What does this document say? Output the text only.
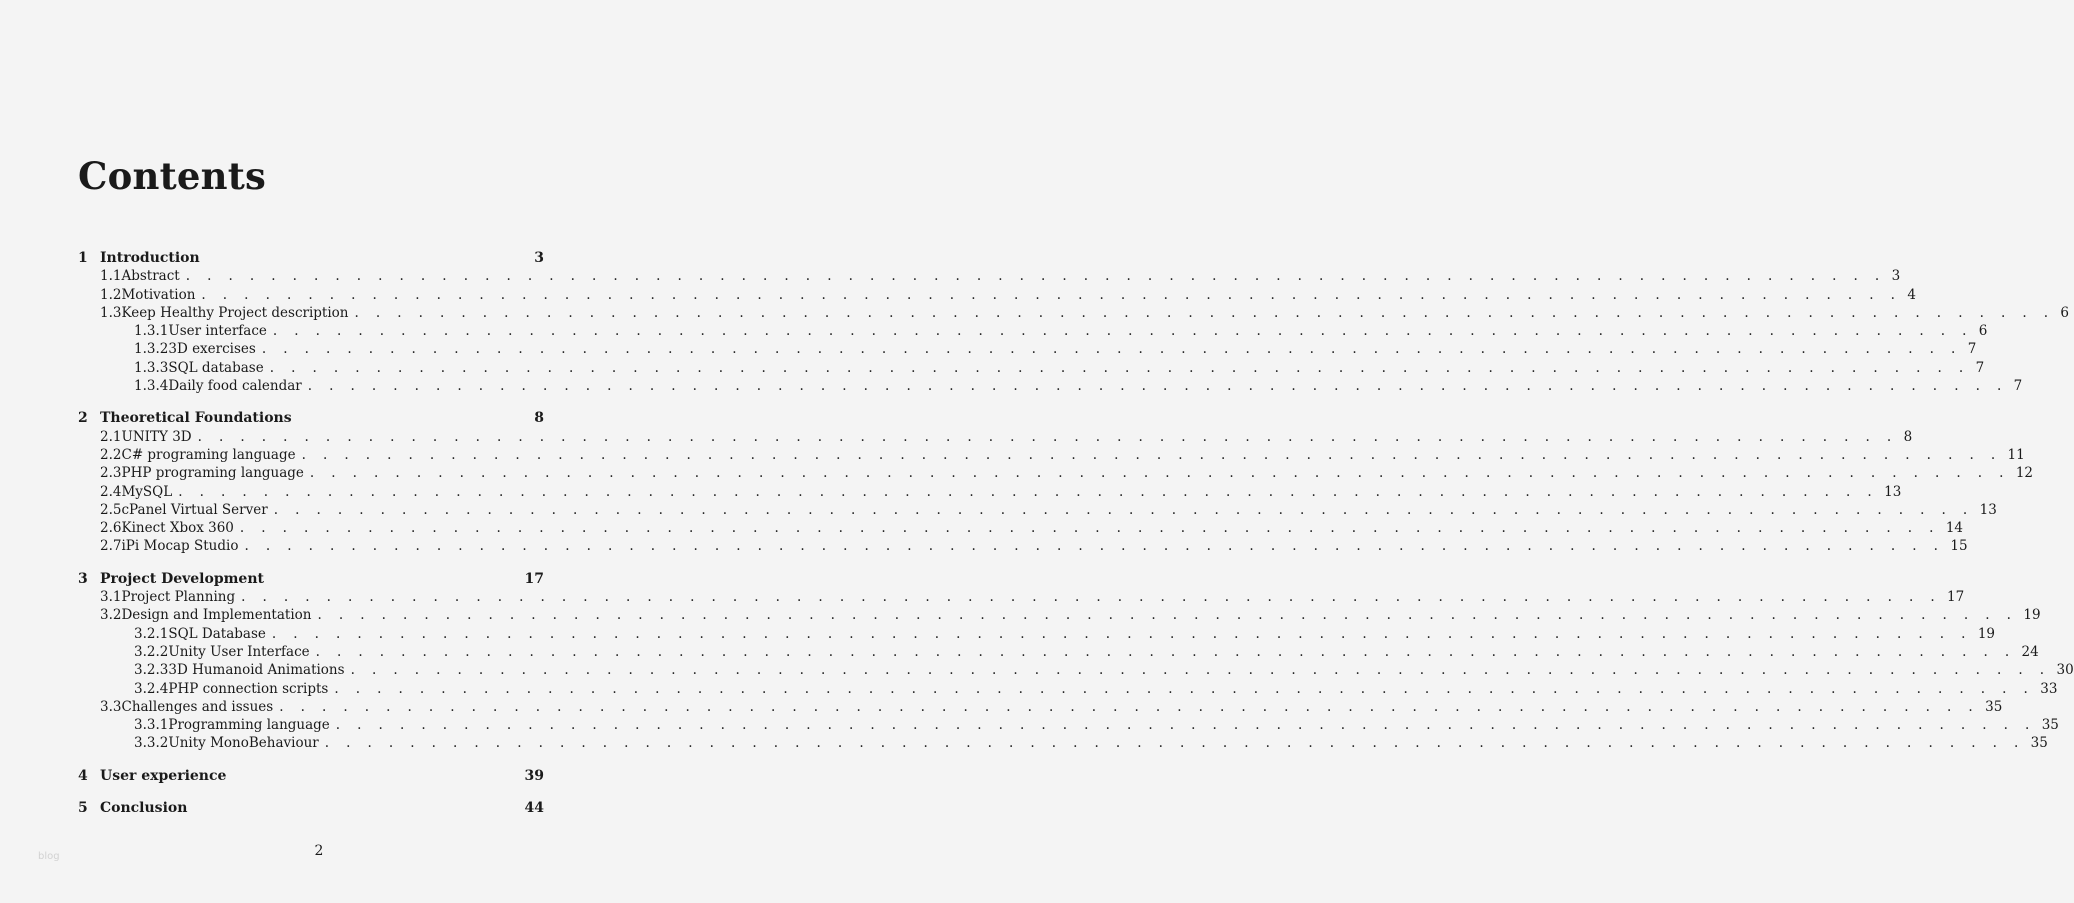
Contents
1 Introduction	3
1.1 Abstract . . . . . . . . . . . . . . . . . . . . . . . . . . . . . . . . . . . . . . . . . . . . . . . . . . . . . . . . . . . . . . . . . . . . . . . . . . . . . . . . 3
1.2 Motivation . . . . . . . . . . . . . . . . . . . . . . . . . . . . . . . . . . . . . . . . . . . . . . . . . . . . . . . . . . . . . . . . . . . . . . . . . . . . . . . . 4
1.3 Keep Healthy Project description . . . . . . . . . . . . . . . . . . . . . . . . . . . . . . . . . . . . . . . . . . . . . . . . . . . . . . . . . . . . . . . . . . . . . . . . . . . . . . . . 6
1.3.1 User interface . . . . . . . . . . . . . . . . . . . . . . . . . . . . . . . . . . . . . . . . . . . . . . . . . . . . . . . . . . . . . . . . . . . . . . . . . . . . . . . . 6
1.3.2 3D exercises . . . . . . . . . . . . . . . . . . . . . . . . . . . . . . . . . . . . . . . . . . . . . . . . . . . . . . . . . . . . . . . . . . . . . . . . . . . . . . . . 7
1.3.3 SQL database . . . . . . . . . . . . . . . . . . . . . . . . . . . . . . . . . . . . . . . . . . . . . . . . . . . . . . . . . . . . . . . . . . . . . . . . . . . . . . . . 7
1.3.4 Daily food calendar . . . . . . . . . . . . . . . . . . . . . . . . . . . . . . . . . . . . . . . . . . . . . . . . . . . . . . . . . . . . . . . . . . . . . . . . . . . . . . . . 7
2 Theoretical Foundations	8
2.1 UNITY 3D . . . . . . . . . . . . . . . . . . . . . . . . . . . . . . . . . . . . . . . . . . . . . . . . . . . . . . . . . . . . . . . . . . . . . . . . . . . . . . . . 8
2.2 C# programing language . . . . . . . . . . . . . . . . . . . . . . . . . . . . . . . . . . . . . . . . . . . . . . . . . . . . . . . . . . . . . . . . . . . . . . . . . . . . . . . . 11
2.3 PHP programing language . . . . . . . . . . . . . . . . . . . . . . . . . . . . . . . . . . . . . . . . . . . . . . . . . . . . . . . . . . . . . . . . . . . . . . . . . . . . . . . . 12
2.4 MySQL . . . . . . . . . . . . . . . . . . . . . . . . . . . . . . . . . . . . . . . . . . . . . . . . . . . . . . . . . . . . . . . . . . . . . . . . . . . . . . . . 13
2.5 cPanel Virtual Server . . . . . . . . . . . . . . . . . . . . . . . . . . . . . . . . . . . . . . . . . . . . . . . . . . . . . . . . . . . . . . . . . . . . . . . . . . . . . . . . 13
2.6 Kinect Xbox 360 . . . . . . . . . . . . . . . . . . . . . . . . . . . . . . . . . . . . . . . . . . . . . . . . . . . . . . . . . . . . . . . . . . . . . . . . . . . . . . . . 14
2.7 iPi Mocap Studio . . . . . . . . . . . . . . . . . . . . . . . . . . . . . . . . . . . . . . . . . . . . . . . . . . . . . . . . . . . . . . . . . . . . . . . . . . . . . . . . 15
3 Project Development	17
3.1 Project Planning . . . . . . . . . . . . . . . . . . . . . . . . . . . . . . . . . . . . . . . . . . . . . . . . . . . . . . . . . . . . . . . . . . . . . . . . . . . . . . . . 17
3.2 Design and Implementation . . . . . . . . . . . . . . . . . . . . . . . . . . . . . . . . . . . . . . . . . . . . . . . . . . . . . . . . . . . . . . . . . . . . . . . . . . . . . . . . 19
3.2.1 SQL Database . . . . . . . . . . . . . . . . . . . . . . . . . . . . . . . . . . . . . . . . . . . . . . . . . . . . . . . . . . . . . . . . . . . . . . . . . . . . . . . . 19
3.2.2 Unity User Interface . . . . . . . . . . . . . . . . . . . . . . . . . . . . . . . . . . . . . . . . . . . . . . . . . . . . . . . . . . . . . . . . . . . . . . . . . . . . . . . . 24
3.2.3 3D Humanoid Animations . . . . . . . . . . . . . . . . . . . . . . . . . . . . . . . . . . . . . . . . . . . . . . . . . . . . . . . . . . . . . . . . . . . . . . . . . . . . . . . . 30
3.2.4 PHP connection scripts . . . . . . . . . . . . . . . . . . . . . . . . . . . . . . . . . . . . . . . . . . . . . . . . . . . . . . . . . . . . . . . . . . . . . . . . . . . . . . . . 33
3.3 Challenges and issues . . . . . . . . . . . . . . . . . . . . . . . . . . . . . . . . . . . . . . . . . . . . . . . . . . . . . . . . . . . . . . . . . . . . . . . . . . . . . . . . 35
3.3.1 Programming language . . . . . . . . . . . . . . . . . . . . . . . . . . . . . . . . . . . . . . . . . . . . . . . . . . . . . . . . . . . . . . . . . . . . . . . . . . . . . . . . 35
3.3.2 Unity MonoBehaviour . . . . . . . . . . . . . . . . . . . . . . . . . . . . . . . . . . . . . . . . . . . . . . . . . . . . . . . . . . . . . . . . . . . . . . . . . . . . . . . . 35
4 User experience	39
5 Conclusion	44
2
blog
